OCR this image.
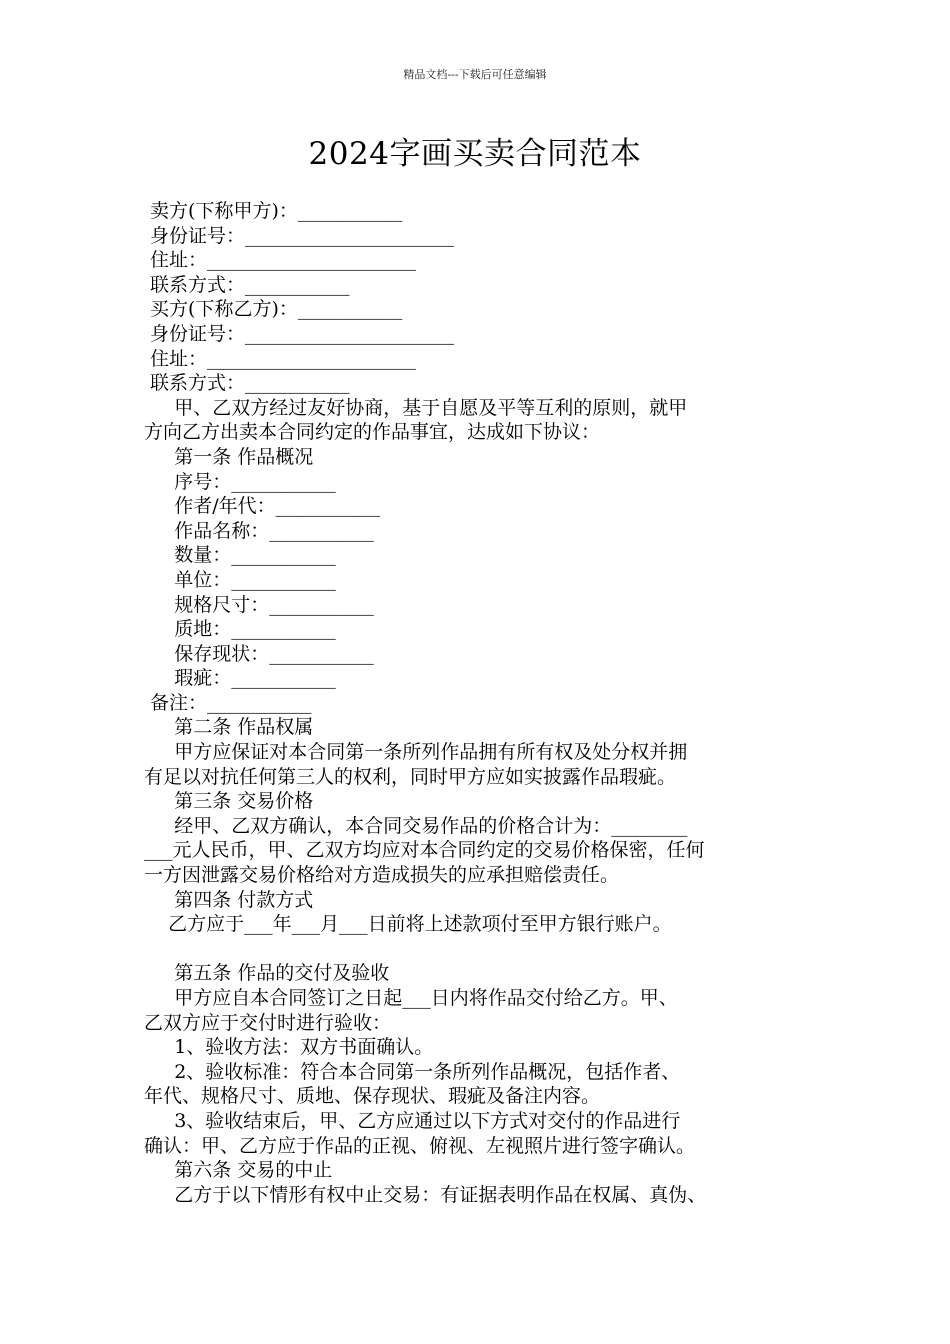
精品文档---下载后可任意编辑
2024字画买卖合同范本
卖方(下称甲方)：___________
身份证号：______________________
住址：______________________
联系方式：___________
买方(下称乙方)：___________
身份证号：______________________
住址：______________________
联系方式：___________
甲、乙双方经过友好协商，基于自愿及平等互利的原则，就甲
方向乙方出卖本合同约定的作品事宜，达成如下协议：
第一条 作品概况
序号：___________
作者/年代：___________
作品名称：___________
数量：___________
单位：___________
规格尺寸：___________
质地：___________
保存现状：___________
瑕疵：___________
备注：___________
第二条 作品权属
甲方应保证对本合同第一条所列作品拥有所有权及处分权并拥
有足以对抗任何第三人的权利，同时甲方应如实披露作品瑕疵。
第三条 交易价格
经甲、乙双方确认，本合同交易作品的价格合计为：________
___元人民币，甲、乙双方均应对本合同约定的交易价格保密，任何
一方因泄露交易价格给对方造成损失的应承担赔偿责任。
第四条 付款方式
乙方应于___年___月___日前将上述款项付至甲方银行账户。
第五条 作品的交付及验收
甲方应自本合同签订之日起___日内将作品交付给乙方。甲、
乙双方应于交付时进行验收：
1、验收方法：双方书面确认。
2、验收标准：符合本合同第一条所列作品概况，包括作者、
年代、规格尺寸、质地、保存现状、瑕疵及备注内容。
3、验收结束后，甲、乙方应通过以下方式对交付的作品进行
确认：甲、乙方应于作品的正视、俯视、左视照片进行签字确认。
第六条 交易的中止
乙方于以下情形有权中止交易：有证据表明作品在权属、真伪、
